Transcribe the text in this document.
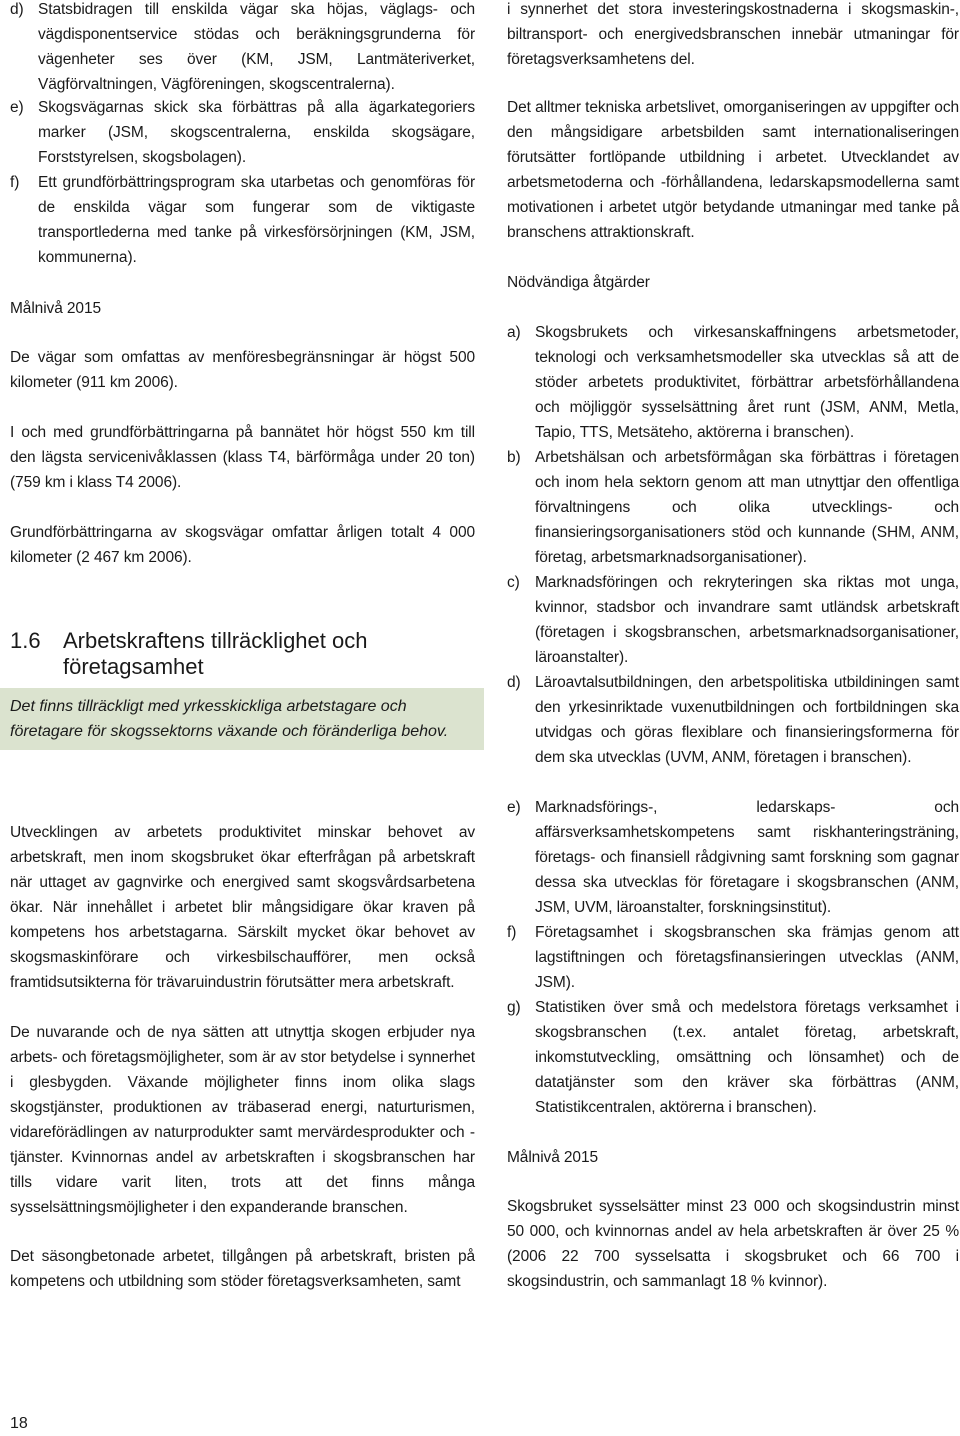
d) Statsbidragen till enskilda vägar ska höjas, väglags- och vägdisponentservice stödas och beräkningsgrunderna för vägenheter ses över (KM, JSM, Lantmäteriverket, Vägförvaltningen, Vägföreningen, skogscentralerna).
e) Skogsvägarnas skick ska förbättras på alla ägarkategoriers marker (JSM, skogscentralerna, enskilda skogsägare, Forststyrelsen, skogsbolagen).
f)	Ett grundförbättringsprogram ska utarbetas och genomföras för de enskilda vägar som fungerar som de viktigaste transportlederna med tanke på virkesförsörjningen (KM, JSM, kommunerna).

Målnivå 2015

De vägar som omfattas av menföresbegränsningar är högst 500 kilometer (911 km 2006).

I och med grundförbättringarna på bannätet hör högst 550 km till den lägsta servicenivåklassen (klass T4, bärförmåga under 20 ton) (759 km i klass T4 2006).

Grundförbättringarna av skogsvägar omfattar årligen totalt 4 000 kilometer (2 467 km 2006).

1.6	Arbetskraftens tillräcklighet och företagsamhet
Det finns tillräckligt med yrkesskickliga arbetstagare och företagare för skogssektorns växande och föränderliga behov.

Utvecklingen av arbetets produktivitet minskar behovet av arbetskraft, men inom skogsbruket ökar efterfrågan på arbetskraft när uttaget av gagnvirke och energived samt skogsvårdsarbetena ökar. När innehållet i arbetet blir mångsidigare ökar kraven på kompetens hos arbetstagarna. Särskilt mycket ökar behovet av skogsmaskinförare och virkesbilschaufförer, men också framtidsutsikterna för trävaruindustrin förutsätter mera arbetskraft.

De nuvarande och de nya sätten att utnyttja skogen erbjuder nya arbets- och företagsmöjligheter, som är av stor betydelse i synnerhet i glesbygden. Växande möjligheter finns inom olika slags skogstjänster, produktionen av träbaserad energi, naturturismen, vidareförädlingen av naturprodukter samt mervärdesprodukter och -tjänster. Kvinnornas andel av arbetskraften i skogsbranschen har tills vidare varit liten, trots att det finns många sysselsättningsmöjligheter i den expanderande branschen.

Det säsongbetonade arbetet, tillgången på arbetskraft, bristen på kompetens och utbildning som stöder företagsverksamheten, samt

i synnerhet det stora investeringskostnaderna i skogsmaskin-, biltransport- och energivedsbranschen innebär utmaningar för företagsverksamhetens del.

Det alltmer tekniska arbetslivet, omorganiseringen av uppgifter och den mångsidigare arbetsbilden samt internationaliseringen förutsätter fortlöpande utbildning i arbetet. Utvecklandet av arbetsmetoderna och -förhållandena, ledarskapsmodellerna samt motivationen i arbetet utgör betydande utmaningar med tanke på branschens attraktionskraft.

Nödvändiga åtgärder

a) Skogsbrukets och virkesanskaffningens arbetsmetoder, teknologi och verksamhetsmodeller ska utvecklas så att de stöder arbetets produktivitet, förbättrar arbetsförhållandena och möjliggör sysselsättning året runt (JSM, ANM, Metla, Tapio, TTS, Metsäteho, aktörerna i branschen).
b) Arbetshälsan och arbetsförmågan ska förbättras i företagen och inom hela sektorn genom att man utnyttjar den offentliga förvaltningens och olika utvecklings- och finansieringsorganisationers stöd och kunnande (SHM, ANM, företag, arbetsmarknadsorganisationer).
c) Marknadsföringen och rekryteringen ska riktas mot unga, kvinnor, stadsbor och invandrare samt utländsk arbetskraft (företagen i skogsbranschen, arbetsmarknadsorganisationer, läroanstalter).
d) Läroavtalsutbildningen, den arbetspolitiska utbildiningen samt den yrkesinriktade vuxenutbildningen och fortbildningen ska utvidgas och göras flexiblare och finansieringsformerna för dem ska utvecklas (UVM, ANM, företagen i branschen).
e) Marknadsförings-, ledarskaps- och affärsverksamhetskompetens samt riskhanteringsträning, företags- och finansiell rådgivning samt forskning som gagnar dessa ska utvecklas för företagare i skogsbranschen (ANM, JSM, UVM, läroanstalter, forskningsinstitut).
f)	Företagsamhet i skogsbranschen ska främjas genom att lagstiftningen och företagsfinansieringen utvecklas (ANM, JSM).
g) Statistiken över små och medelstora företags verksamhet i skogsbranschen (t.ex. antalet företag, arbetskraft, inkomstutveckling, omsättning och lönsamhet) och de datatjänster som den kräver ska förbättras (ANM, Statistikcentralen, aktörerna i branschen).

Målnivå 2015

Skogsbruket sysselsätter minst 23 000 och skogsindustrin minst 50 000, och kvinnornas andel av hela arbetskraften är över 25 % (2006 22 700 sysselsatta i skogsbruket och 66 700 i skogsindustrin, och sammanlagt 18 % kvinnor).

18
